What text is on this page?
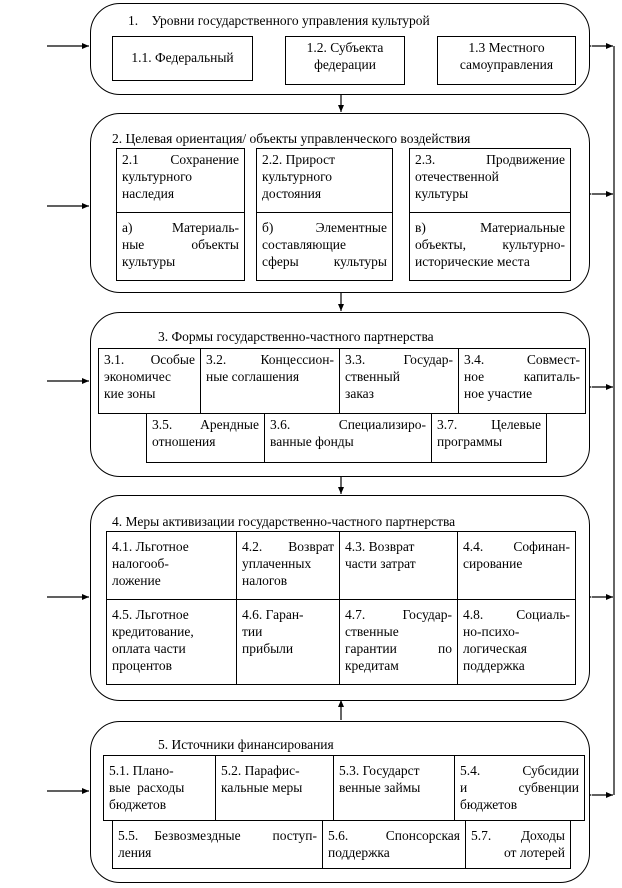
1.    Уровни государственного управления культурой
1.1. Федеральный
1.2. Субъекта
федерации
1.3 Местного
самоуправления
2. Целевая ориентация/ объекты управленческого воздействия
2.1 Сохранение
культурного
наследия
2.2. Прирост
культурного
достояния
2.3.    Продвижение
отечественной
культуры
а)  Материаль-
ные  объекты
культуры
б)  Элементные
составляющие
сферы  культуры
в)  Материальные
объекты, культурно-
исторические места
3. Формы государственно-частного партнерства
3.1.  Особые
экономичес
кие зоны
3.2.  Концессион-
ные соглашения
3.3.  Государ-
ственный
заказ
3.4. Совмест-
ное  капиталь-
ное участие
3.5.  Арендные
отношения
3.6.   Специализиро-
ванные фонды
3.7.  Целевые
программы
4. Меры активизации государственно-частного партнерства
4.1. Льготное
налогооб-
ложение
4.2.  Возврат
уплаченных
налогов
4.3. Возврат
части затрат
4.4.  Софинан-
сирование
4.5. Льготное
кредитование,
оплата части
процентов
4.6. Гаран-
тии
прибыли
4.7.   Государ-
ственные
гарантии   по
кредитам
4.8.  Социаль-
но-психо-
логическая
поддержка
5. Источники финансирования
5.1. Плано-
вые  расходы
бюджетов
5.2. Парафис-
кальные меры
5.3. Государст
венные займы
5.4. Субсидии
и   субвенции
бюджетов
5.5. Безвозмездные  поступ-
ления
5.6.   Спонсорская
поддержка
5.7.  Доходы
от лотерей
